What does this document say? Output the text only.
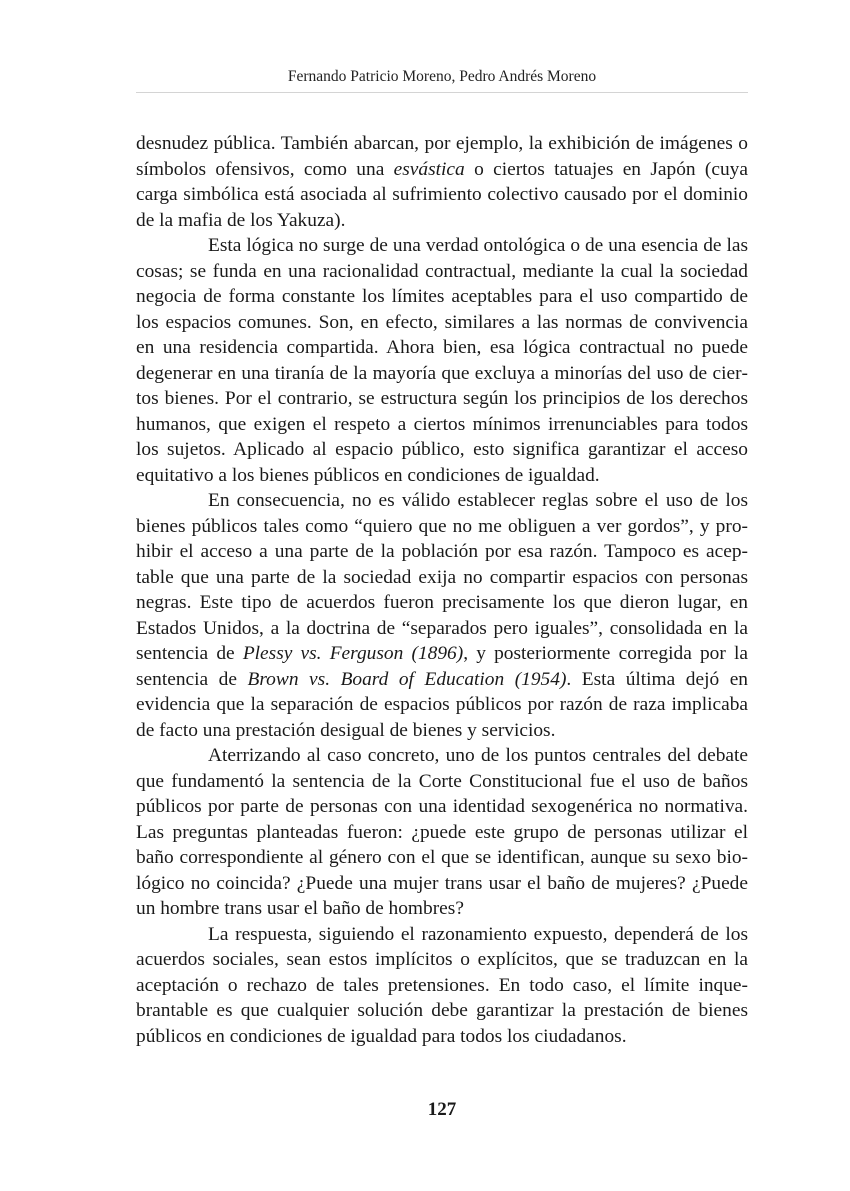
Fernando Patricio Moreno, Pedro Andrés Moreno

desnudez pública. También abarcan, por ejemplo, la exhibición de imágenes o símbolos ofensivos, como una esvástica o ciertos tatuajes en Japón (cuya carga simbólica está asociada al sufrimiento colectivo causado por el dominio de la mafia de los Yakuza).

Esta lógica no surge de una verdad ontológica o de una esencia de las cosas; se funda en una racionalidad contractual, mediante la cual la sociedad negocia de forma constante los límites aceptables para el uso compartido de los espacios comunes. Son, en efecto, similares a las normas de convivencia en una residencia compartida. Ahora bien, esa lógica contractual no puede degenerar en una tiranía de la mayoría que excluya a minorías del uso de ciertos bienes. Por el contrario, se estructura según los principios de los derechos humanos, que exigen el respeto a ciertos mínimos irrenunciables para todos los sujetos. Aplicado al espacio público, esto significa garantizar el acceso equitativo a los bienes públicos en condiciones de igualdad.

En consecuencia, no es válido establecer reglas sobre el uso de los bienes públicos tales como “quiero que no me obliguen a ver gordos”, y prohibir el acceso a una parte de la población por esa razón. Tampoco es aceptable que una parte de la sociedad exija no compartir espacios con personas negras. Este tipo de acuerdos fueron precisamente los que dieron lugar, en Estados Unidos, a la doctrina de “separados pero iguales”, consolidada en la sentencia de Plessy vs. Ferguson (1896), y posteriormente corregida por la sentencia de Brown vs. Board of Education (1954). Esta última dejó en evidencia que la separación de espacios públicos por razón de raza implicaba de facto una prestación desigual de bienes y servicios.

Aterrizando al caso concreto, uno de los puntos centrales del debate que fundamentó la sentencia de la Corte Constitucional fue el uso de baños públicos por parte de personas con una identidad sexogenérica no normativa. Las preguntas planteadas fueron: ¿puede este grupo de personas utilizar el baño correspondiente al género con el que se identifican, aunque su sexo biológico no coincida? ¿Puede una mujer trans usar el baño de mujeres? ¿Puede un hombre trans usar el baño de hombres?

La respuesta, siguiendo el razonamiento expuesto, dependerá de los acuerdos sociales, sean estos implícitos o explícitos, que se traduzcan en la aceptación o rechazo de tales pretensiones. En todo caso, el límite inquebrantable es que cualquier solución debe garantizar la prestación de bienes públicos en condiciones de igualdad para todos los ciudadanos.

127
